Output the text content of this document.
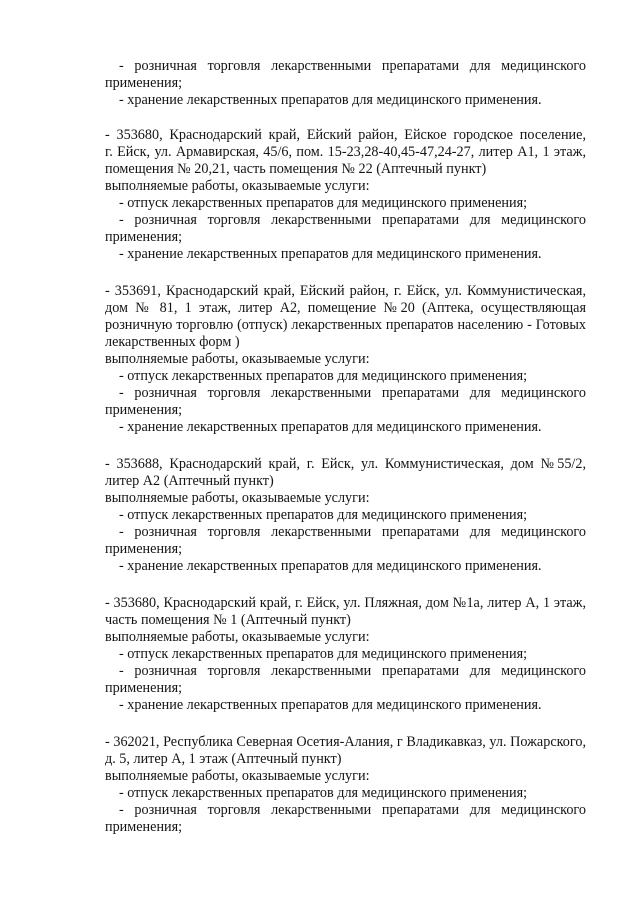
- розничная торговля лекарственными препаратами для медицинского
применения;
- хранение лекарственных препаратов для медицинского применения.
- 353680, Краснодарский край, Ейский район, Ейское городское поселение,
г. Ейск, ул. Армавирская, 45/6, пом. 15-23,28-40,45-47,24-27, литер А1, 1 этаж,
помещения № 20,21, часть помещения № 22 (Аптечный пункт)
выполняемые работы, оказываемые услуги:
- отпуск лекарственных препаратов для медицинского применения;
- розничная торговля лекарственными препаратами для медицинского
применения;
- хранение лекарственных препаратов для медицинского применения.
- 353691, Краснодарский край, Ейский район, г. Ейск, ул. Коммунистическая,
дом № 81, 1 этаж, литер А2, помещение №20 (Аптека, осуществляющая
розничную торговлю (отпуск) лекарственных препаратов населению - Готовых
лекарственных форм )
выполняемые работы, оказываемые услуги:
- отпуск лекарственных препаратов для медицинского применения;
- розничная торговля лекарственными препаратами для медицинского
применения;
- хранение лекарственных препаратов для медицинского применения.
- 353688, Краснодарский край, г. Ейск, ул. Коммунистическая, дом №55/2,
литер А2 (Аптечный пункт)
выполняемые работы, оказываемые услуги:
- отпуск лекарственных препаратов для медицинского применения;
- розничная торговля лекарственными препаратами для медицинского
применения;
- хранение лекарственных препаратов для медицинского применения.
- 353680, Краснодарский край, г. Ейск, ул. Пляжная, дом №1а, литер А, 1 этаж,
часть помещения № 1 (Аптечный пункт)
выполняемые работы, оказываемые услуги:
- отпуск лекарственных препаратов для медицинского применения;
- розничная торговля лекарственными препаратами для медицинского
применения;
- хранение лекарственных препаратов для медицинского применения.
- 362021, Республика Северная Осетия-Алания, г Владикавказ, ул. Пожарского,
д. 5, литер А, 1 этаж (Аптечный пункт)
выполняемые работы, оказываемые услуги:
- отпуск лекарственных препаратов для медицинского применения;
- розничная торговля лекарственными препаратами для медицинского
применения;
